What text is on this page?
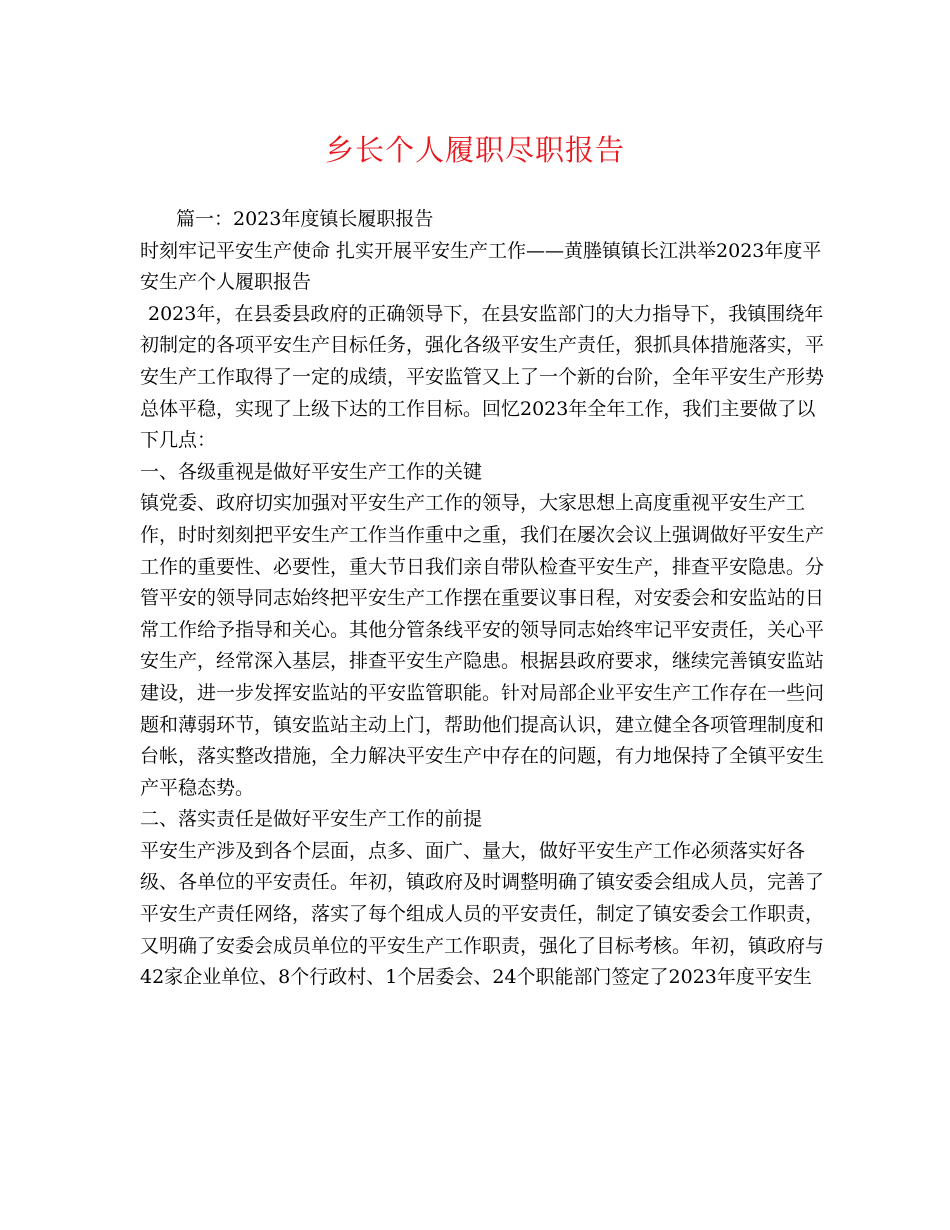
乡长个人履职尽职报告
篇一：2023年度镇长履职报告
时刻牢记平安生产使命 扎实开展平安生产工作——黄塍镇镇长江洪举2023年度平
安生产个人履职报告
2023年，在县委县政府的正确领导下，在县安监部门的大力指导下，我镇围绕年
初制定的各项平安生产目标任务，强化各级平安生产责任，狠抓具体措施落实，平
安生产工作取得了一定的成绩，平安监管又上了一个新的台阶，全年平安生产形势
总体平稳，实现了上级下达的工作目标。回忆2023年全年工作，我们主要做了以
下几点：
一、各级重视是做好平安生产工作的关键
镇党委、政府切实加强对平安生产工作的领导，大家思想上高度重视平安生产工
作，时时刻刻把平安生产工作当作重中之重，我们在屡次会议上强调做好平安生产
工作的重要性、必要性，重大节日我们亲自带队检查平安生产，排查平安隐患。分
管平安的领导同志始终把平安生产工作摆在重要议事日程，对安委会和安监站的日
常工作给予指导和关心。其他分管条线平安的领导同志始终牢记平安责任，关心平
安生产，经常深入基层，排查平安生产隐患。根据县政府要求，继续完善镇安监站
建设，进一步发挥安监站的平安监管职能。针对局部企业平安生产工作存在一些问
题和薄弱环节，镇安监站主动上门，帮助他们提高认识，建立健全各项管理制度和
台帐，落实整改措施，全力解决平安生产中存在的问题，有力地保持了全镇平安生
产平稳态势。
二、落实责任是做好平安生产工作的前提
平安生产涉及到各个层面，点多、面广、量大，做好平安生产工作必须落实好各
级、各单位的平安责任。年初，镇政府及时调整明确了镇安委会组成人员，完善了
平安生产责任网络，落实了每个组成人员的平安责任，制定了镇安委会工作职责，
又明确了安委会成员单位的平安生产工作职责，强化了目标考核。年初，镇政府与
42家企业单位、8个行政村、1个居委会、24个职能部门签定了2023年度平安生
